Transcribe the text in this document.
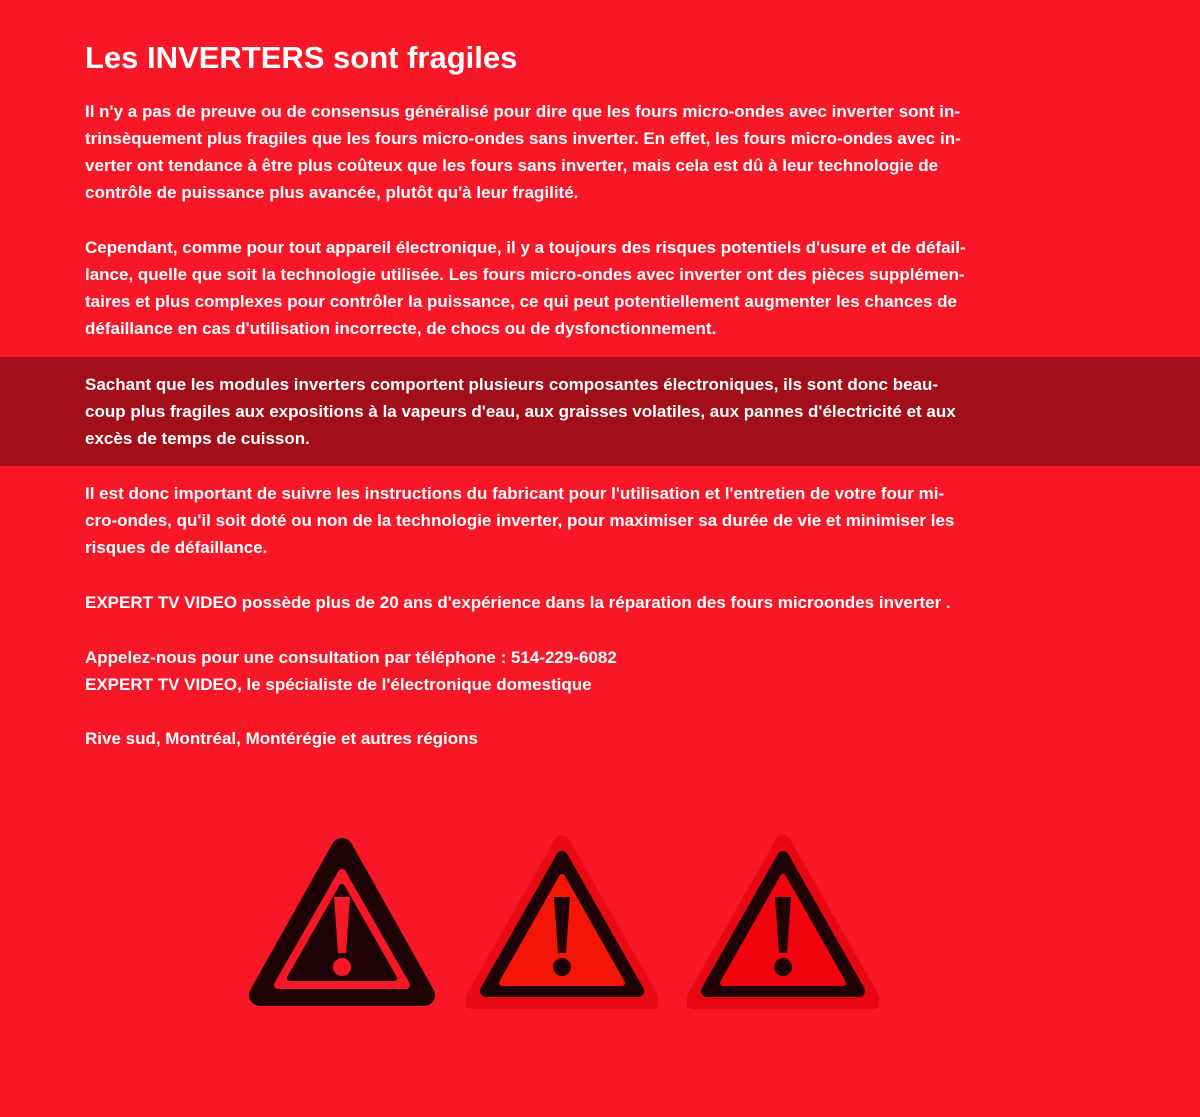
Les INVERTERS sont fragiles

Il n'y a pas de preuve ou de consensus généralisé pour dire que les fours micro-ondes avec inverter sont in-
trinsèquement plus fragiles que les fours micro-ondes sans inverter. En effet, les fours micro-ondes avec in-
verter ont tendance à être plus coûteux que les fours sans inverter, mais cela est dû à leur technologie de
contrôle de puissance plus avancée, plutôt qu'à leur fragilité.

Cependant, comme pour tout appareil électronique, il y a toujours des risques potentiels d'usure et de défail-
lance, quelle que soit la technologie utilisée. Les fours micro-ondes avec inverter ont des pièces supplémen-
taires et plus complexes pour contrôler la puissance, ce qui peut potentiellement augmenter les chances de
défaillance en cas d'utilisation incorrecte, de chocs ou de dysfonctionnement.

Sachant que les modules inverters comportent plusieurs composantes électroniques, ils sont donc beau-
coup plus fragiles aux expositions à la vapeurs d'eau, aux graisses volatiles, aux pannes d'électricité et aux
excès de temps de cuisson.

Il est donc important de suivre les instructions du fabricant pour l'utilisation et l'entretien de votre four mi-
cro-ondes, qu'il soit doté ou non de la technologie inverter, pour maximiser sa durée de vie et minimiser les
risques de défaillance.

EXPERT TV VIDEO possède plus de 20 ans d'expérience dans la réparation des fours microondes inverter .

Appelez-nous pour une consultation par téléphone : 514-229-6082

EXPERT TV VIDEO, le spécialiste de l'électronique domestique

Rive sud, Montréal, Montérégie et autres régions
